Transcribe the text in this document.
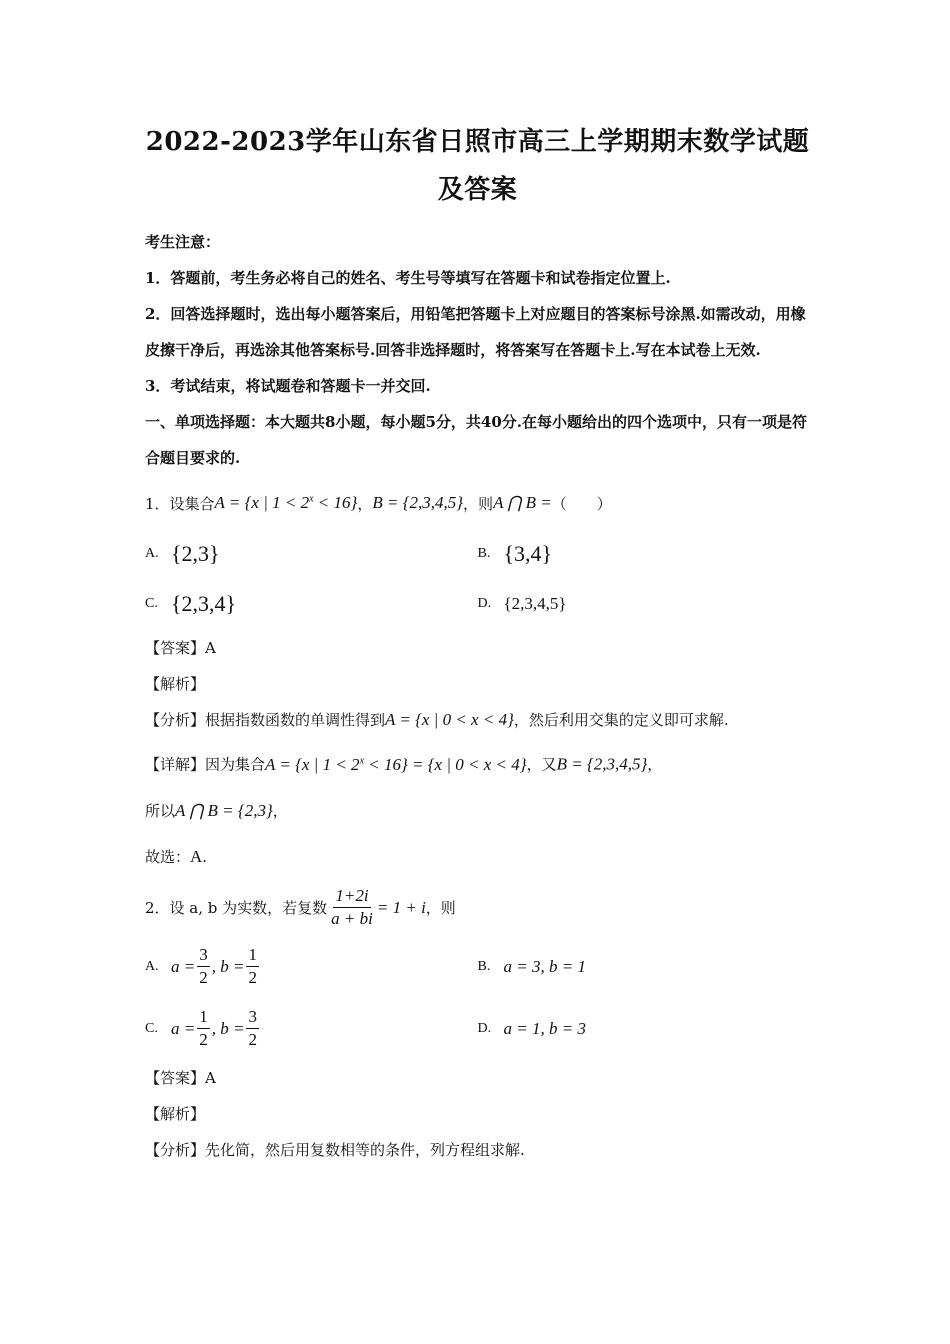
2022-2023学年山东省日照市高三上学期期末数学试题及答案

考生注意：

1．答题前，考生务必将自己的姓名、考生号等填写在答题卡和试卷指定位置上.

2．回答选择题时，选出每小题答案后，用铅笔把答题卡上对应题目的答案标号涂黑.如需改动，用橡皮擦干净后，再选涂其他答案标号.回答非选择题时，将答案写在答题卡上.写在本试卷上无效.

3．考试结束，将试题卷和答题卡一并交回.

一、单项选择题：本大题共8小题，每小题5分，共40分.在每小题给出的四个选项中，只有一项是符合题目要求的.

1．设集合 A = {x | $1 < 2^x < 16$} ， B = {2,3,4,5} ，则 A ⋂ B = （　　）
A. {2,3}	B. {3,4}
C. {2,3,4}	D. {2,3,4,5}

【答案】A

【解析】

【分析】根据指数函数的单调性得到A = {x | 0 < x < 4}，然后利用交集的定义即可求解.

【详解】因为集合A = {x | $1 < 2^x < 16\} = \{x$ | 0 < x < 4}，又B = {2,3,4,5}，

所以A ⋂ B = {2,3}，

故选：A.

2．设 a, b 为实数，若复数 $\frac{1+2i}{a + bi} = 1 + i$ ，则
A. $a = \frac{3}{2}$ , $b = \frac{1}{2}$	B. a = 3, b = 1
C. $a = \frac{1}{2}$ , $b = \frac{3}{2}$	D. a = 1, b = 3

【答案】A

【解析】

【分析】先化简，然后用复数相等的条件，列方程组求解.
